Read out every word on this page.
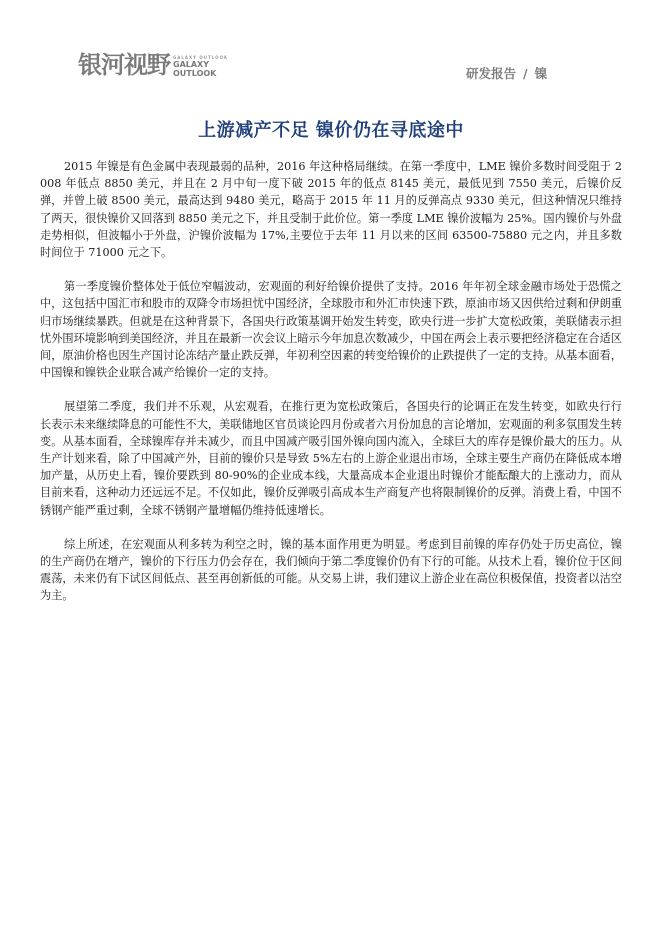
银河视野 GALAXY OUTLOOK
GALAXY
OUTLOOK	研发报告 / 镍
上游减产不足 镍价仍在寻底途中

2015 年镍是有色金属中表现最弱的品种，2016 年这种格局继续。在第一季度中，LME 镍价多数时间受阻于 2008 年低点 8850 美元，并且在 2 月中旬一度下破 2015 年的低点 8145 美元，最低见到 7550 美元，后镍价反弹，并曾上破 8500 美元，最高达到 9480 美元，略高于 2015 年 11 月的反弹高点 9330 美元，但这种情况只维持了两天，很快镍价又回落到 8850 美元之下，并且受制于此价位。第一季度 LME 镍价波幅为 25%。国内镍价与外盘走势相似，但波幅小于外盘，沪镍价波幅为 17%,主要位于去年 11 月以来的区间 63500-75880 元之内，并且多数时间位于 71000 元之下。

第一季度镍价整体处于低位窄幅波动，宏观面的利好给镍价提供了支持。2016 年年初全球金融市场处于恐慌之中，这包括中国汇市和股市的双降令市场担忧中国经济，全球股市和外汇市快速下跌，原油市场又因供给过剩和伊朗重归市场继续暴跌。但就是在这种背景下，各国央行政策基调开始发生转变，欧央行进一步扩大宽松政策，美联储表示担忧外围环境影响到美国经济，并且在最新一次会议上暗示今年加息次数减少，中国在两会上表示要把经济稳定在合适区间，原油价格也因生产国讨论冻结产量止跌反弹，年初利空因素的转变给镍价的止跌提供了一定的支持。从基本面看，中国镍和镍铁企业联合减产给镍价一定的支持。

展望第二季度，我们并不乐观，从宏观看，在推行更为宽松政策后，各国央行的论调正在发生转变，如欧央行行长表示未来继续降息的可能性不大，美联储地区官员谈论四月份或者六月份加息的言论增加，宏观面的利多氛围发生转变。从基本面看，全球镍库存并未减少，而且中国减产吸引国外镍向国内流入，全球巨大的库存是镍价最大的压力。从生产计划来看，除了中国减产外，目前的镍价只是导致 5%左右的上游企业退出市场，全球主要生产商仍在降低成本增加产量，从历史上看，镍价要跌到 80-90%的企业成本线，大量高成本企业退出时镍价才能酝酿大的上涨动力，而从目前来看，这种动力还远远不足。不仅如此，镍价反弹吸引高成本生产商复产也将限制镍价的反弹。消费上看，中国不锈钢产能严重过剩，全球不锈钢产量增幅仍维持低速增长。

综上所述，在宏观面从利多转为利空之时，镍的基本面作用更为明显。考虑到目前镍的库存仍处于历史高位，镍的生产商仍在增产，镍价的下行压力仍会存在，我们倾向于第二季度镍价仍有下行的可能。从技术上看，镍价位于区间震荡，未来仍有下试区间低点、甚至再创新低的可能。从交易上讲，我们建议上游企业在高位积极保值，投资者以沽空为主。
